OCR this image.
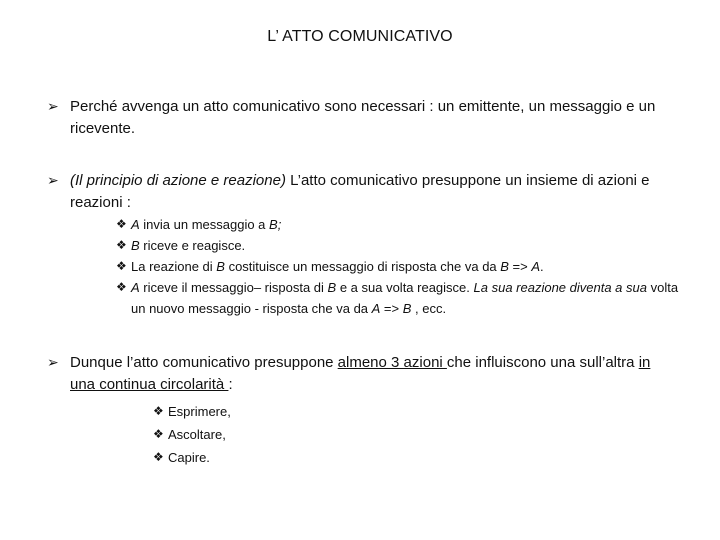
L’ ATTO COMUNICATIVO
➢ Perché avvenga un atto comunicativo sono necessari : un emittente, un messaggio e un ricevente.
➢ (Il principio di azione e reazione) L’atto comunicativo presuppone un insieme di azioni e reazioni :
❖ A invia un messaggio a B;
❖ B riceve e reagisce.
❖ La reazione di B costituisce un messaggio di risposta che va da B => A.
❖ A riceve il messaggio– risposta di B e a sua volta reagisce. La sua reazione diventa a sua volta un nuovo messaggio - risposta che va da A => B , ecc.
➢ Dunque l’atto comunicativo presuppone almeno 3 azioni che influiscono una sull’altra in una continua circolarità :
❖ Esprimere,
❖ Ascoltare,
❖ Capire.
